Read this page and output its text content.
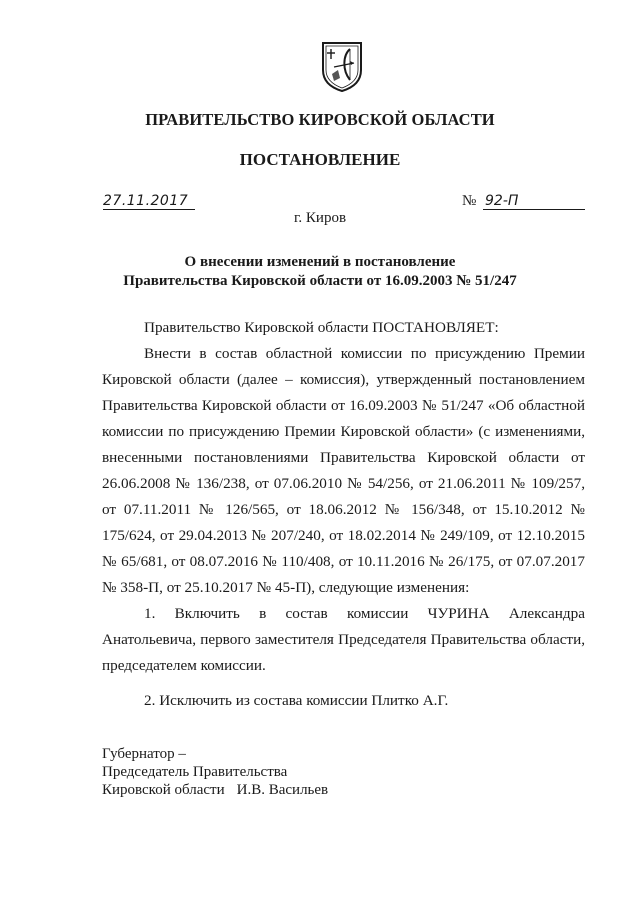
ПРАВИТЕЛЬСТВО КИРОВСКОЙ ОБЛАСТИ
ПОСТАНОВЛЕНИЕ
27.11.2017	№ 92-П
г. Киров
О внесении изменений в постановление
Правительства Кировской области от 16.09.2003 № 51/247

Правительство Кировской области ПОСТАНОВЛЯЕТ:

Внести в состав областной комиссии по присуждению Премии Кировской области (далее – комиссия), утвержденный постановлением Правительства Кировской области от 16.09.2003 № 51/247 «Об областной комиссии по присуждению Премии Кировской области» (с изменениями, внесенными постановлениями Правительства Кировской области от 26.06.2008 № 136/238, от 07.06.2010 № 54/256, от 21.06.2011 № 109/257, от 07.11.2011 № 126/565, от 18.06.2012 № 156/348, от 15.10.2012 № 175/624, от 29.04.2013 № 207/240, от 18.02.2014 № 249/109, от 12.10.2015 № 65/681, от 08.07.2016 № 110/408, от 10.11.2016 № 26/175, от 07.07.2017 № 358-П, от 25.10.2017 № 45-П), следующие изменения:

1. Включить в состав комиссии ЧУРИНА Александра Анатольевича, первого заместителя Председателя Правительства области, председателем комиссии.

2. Исключить из состава комиссии Плитко А.Г.

Губернатор –
Председатель Правительства
Кировской области И.В. Васильев
